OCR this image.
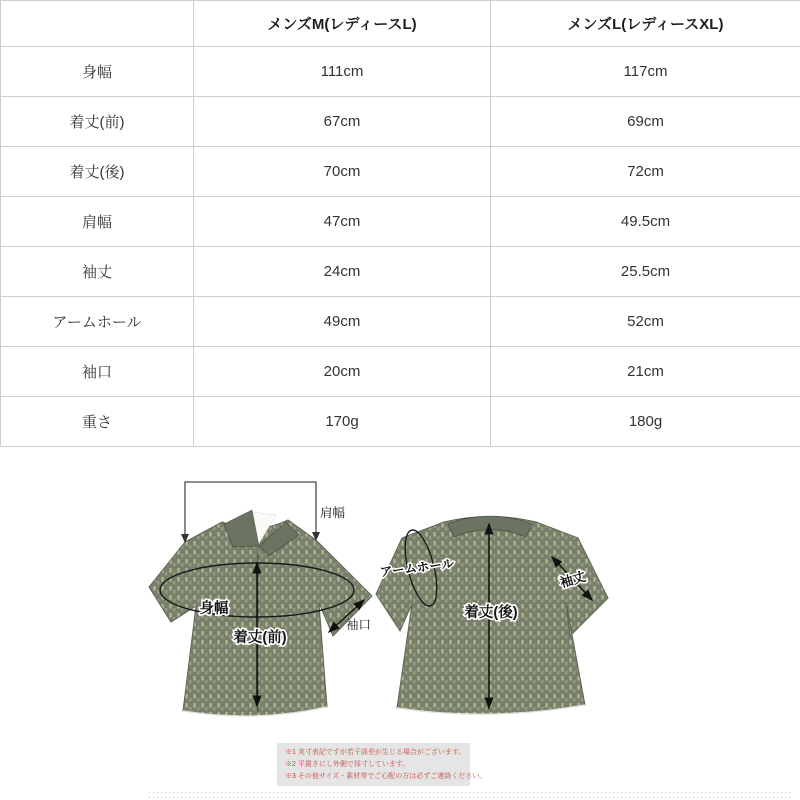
	メンズM(レディースL)	メンズL(レディースXL)
身幅	111cm	117cm
着丈(前)	67cm	69cm
着丈(後)	70cm	72cm
肩幅	47cm	49.5cm
袖丈	24cm	25.5cm
アームホール	49cm	52cm
袖口	20cm	21cm
重さ	170g	180g
肩幅
身幅
着丈(前)
袖口
アームホール
着丈(後)
袖丈
※1 実寸表記ですが若干誤差が生じる場合がございます。
※2 平置きにし外側で採寸しています。
※3 その他サイズ・素材等でご心配の方は必ずご連絡ください。
